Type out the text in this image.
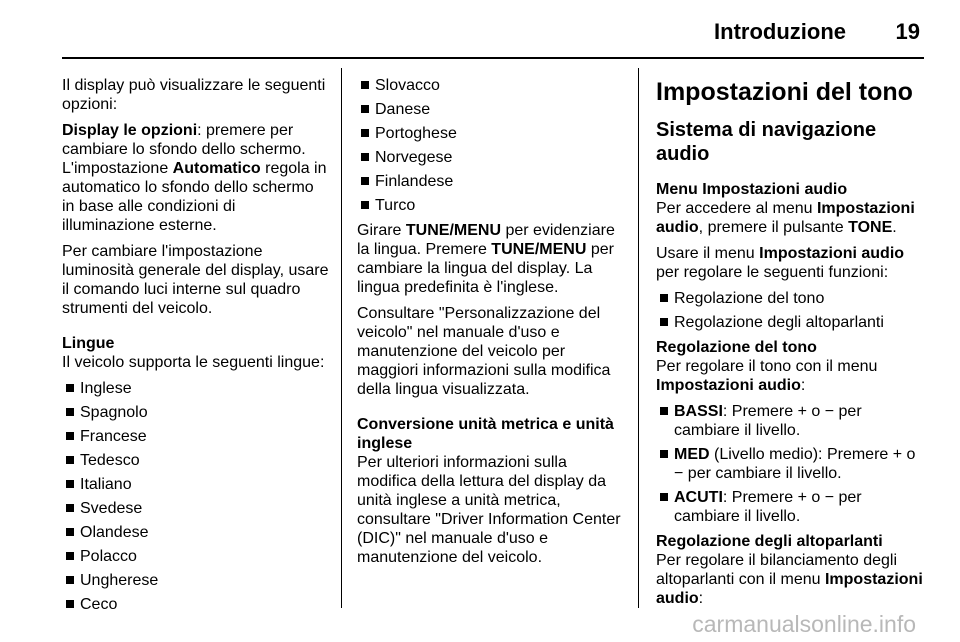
Introduzione 19

Il display può visualizzare le seguenti opzioni:

Display le opzioni: premere per cambiare lo sfondo dello schermo. L'impostazione Automatico regola in automatico lo sfondo dello schermo in base alle condizioni di illuminazione esterne.

Per cambiare l'impostazione luminosità generale del display, usare il comando luci interne sul quadro strumenti del veicolo.

Lingue

Il veicolo supporta le seguenti lingue:

Inglese
Spagnolo
Francese
Tedesco
Italiano
Svedese
Olandese
Polacco
Ungherese
Ceco
Slovacco
Danese
Portoghese
Norvegese
Finlandese
Turco

Girare TUNE/MENU per evidenziare la lingua. Premere TUNE/MENU per cambiare la lingua del display. La lingua predefinita è l'inglese.

Consultare "Personalizzazione del veicolo" nel manuale d'uso e manutenzione del veicolo per maggiori informazioni sulla modifica della lingua visualizzata.

Conversione unità metrica e unità inglese

Per ulteriori informazioni sulla modifica della lettura del display da unità inglese a unità metrica, consultare "Driver Information Center (DIC)" nel manuale d'uso e manutenzione del veicolo.

Impostazioni del tono
Sistema di navigazione audio
Menu Impostazioni audio

Per accedere al menu Impostazioni audio, premere il pulsante TONE.

Usare il menu Impostazioni audio per regolare le seguenti funzioni:

Regolazione del tono
Regolazione degli altoparlanti
Regolazione del tono

Per regolare il tono con il menu Impostazioni audio:

BASSI: Premere + o − per cambiare il livello.
MED (Livello medio): Premere + o − per cambiare il livello.
ACUTI: Premere + o − per cambiare il livello.
Regolazione degli altoparlanti

Per regolare il bilanciamento degli altoparlanti con il menu Impostazioni audio:

carmanualsonline.info
